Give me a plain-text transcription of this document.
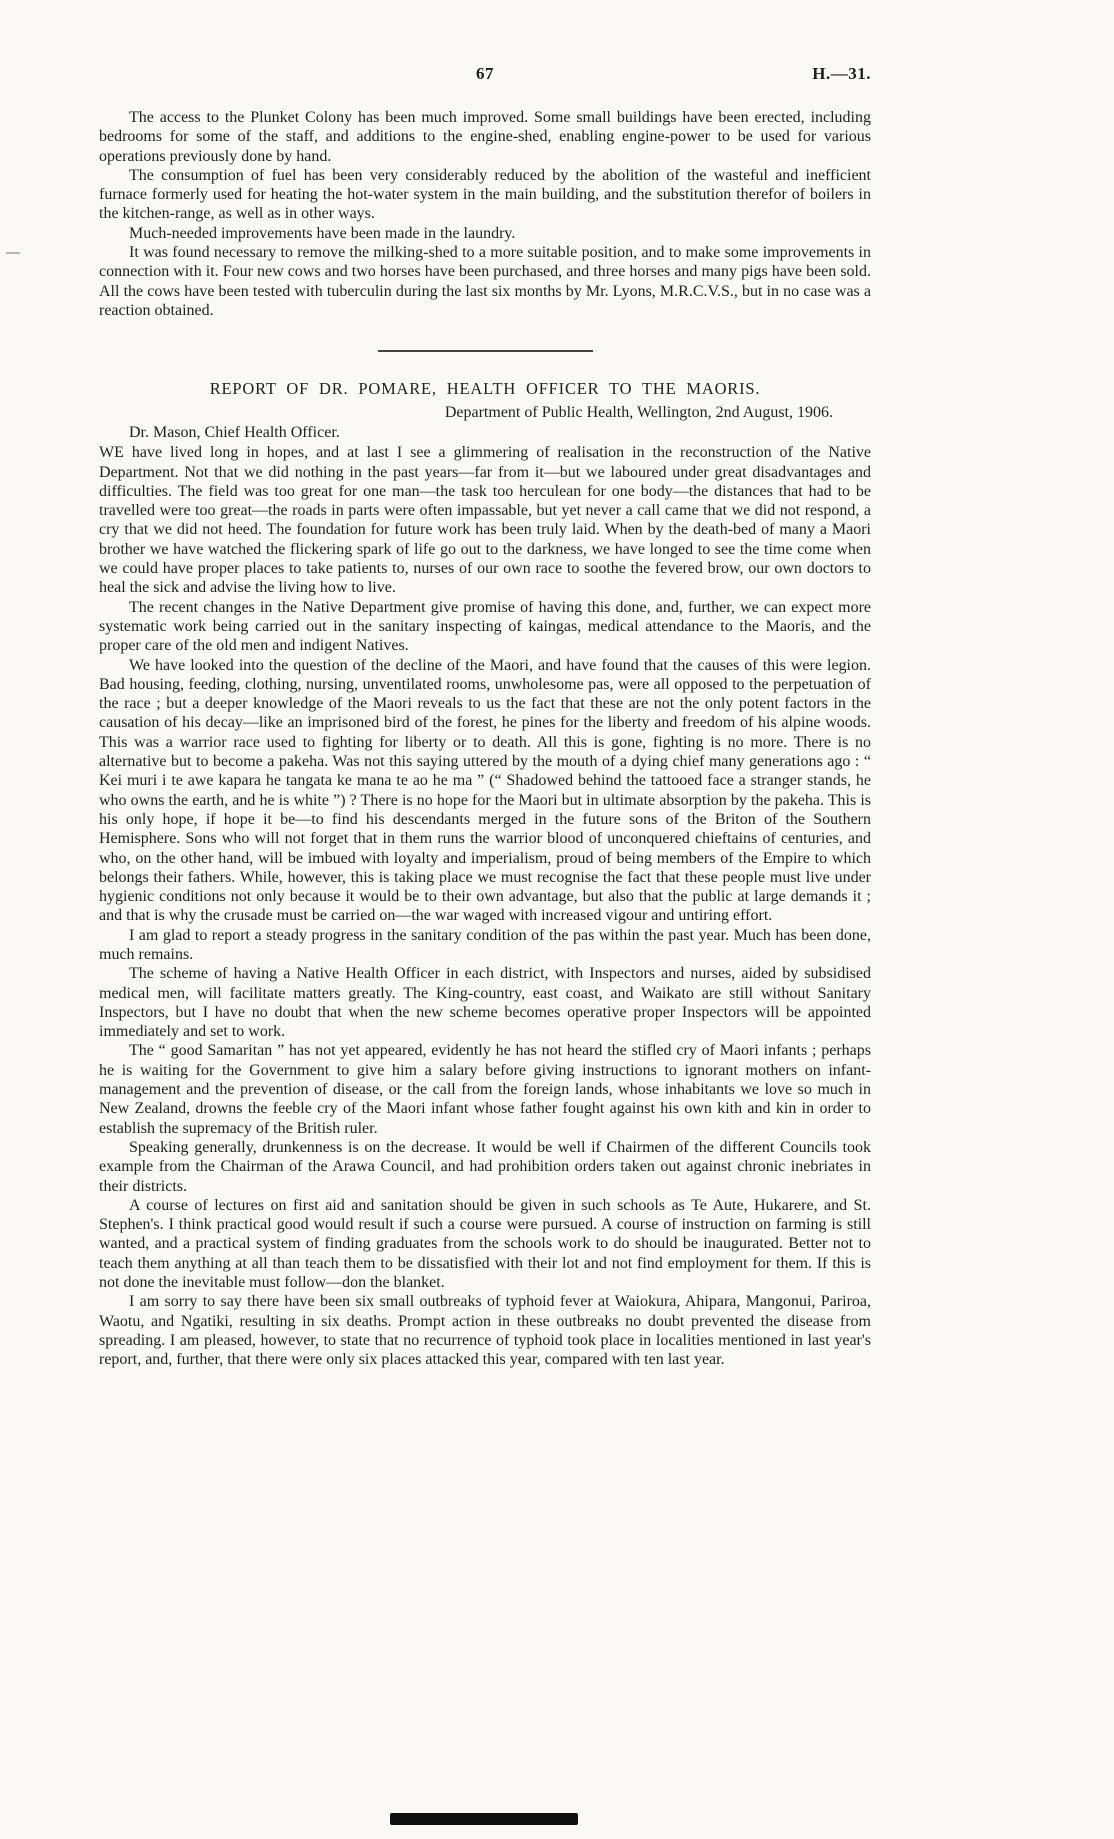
67	H.—31.

The access to the Plunket Colony has been much improved. Some small buildings have been erected, including bedrooms for some of the staff, and additions to the engine-shed, enabling engine-power to be used for various operations previously done by hand.

The consumption of fuel has been very considerably reduced by the abolition of the wasteful and inefficient furnace formerly used for heating the hot-water system in the main building, and the substitution therefor of boilers in the kitchen-range, as well as in other ways.

Much-needed improvements have been made in the laundry.

It was found necessary to remove the milking-shed to a more suitable position, and to make some improvements in connection with it. Four new cows and two horses have been purchased, and three horses and many pigs have been sold. All the cows have been tested with tuberculin during the last six months by Mr. Lyons, M.R.C.V.S., but in no case was a reaction obtained.

REPORT OF DR. POMARE, HEALTH OFFICER TO THE MAORIS.

Department of Public Health, Wellington, 2nd August, 1906.

Dr. Mason, Chief Health Officer.

WE have lived long in hopes, and at last I see a glimmering of realisation in the reconstruction of the Native Department. Not that we did nothing in the past years—far from it—but we laboured under great disadvantages and difficulties. The field was too great for one man—the task too herculean for one body—the distances that had to be travelled were too great—the roads in parts were often impassable, but yet never a call came that we did not respond, a cry that we did not heed. The foundation for future work has been truly laid. When by the death-bed of many a Maori brother we have watched the flickering spark of life go out to the darkness, we have longed to see the time come when we could have proper places to take patients to, nurses of our own race to soothe the fevered brow, our own doctors to heal the sick and advise the living how to live.

The recent changes in the Native Department give promise of having this done, and, further, we can expect more systematic work being carried out in the sanitary inspecting of kaingas, medical attendance to the Maoris, and the proper care of the old men and indigent Natives.

We have looked into the question of the decline of the Maori, and have found that the causes of this were legion. Bad housing, feeding, clothing, nursing, unventilated rooms, unwholesome pas, were all opposed to the perpetuation of the race ; but a deeper knowledge of the Maori reveals to us the fact that these are not the only potent factors in the causation of his decay—like an imprisoned bird of the forest, he pines for the liberty and freedom of his alpine woods. This was a warrior race used to fighting for liberty or to death. All this is gone, fighting is no more. There is no alternative but to become a pakeha. Was not this saying uttered by the mouth of a dying chief many generations ago : “ Kei muri i te awe kapara he tangata ke mana te ao he ma ” (“ Shadowed behind the tattooed face a stranger stands, he who owns the earth, and he is white ”) ? There is no hope for the Maori but in ultimate absorption by the pakeha. This is his only hope, if hope it be—to find his descendants merged in the future sons of the Briton of the Southern Hemisphere. Sons who will not forget that in them runs the warrior blood of unconquered chieftains of centuries, and who, on the other hand, will be imbued with loyalty and imperialism, proud of being members of the Empire to which belongs their fathers. While, however, this is taking place we must recognise the fact that these people must live under hygienic conditions not only because it would be to their own advantage, but also that the public at large demands it ; and that is why the crusade must be carried on—the war waged with increased vigour and untiring effort.

I am glad to report a steady progress in the sanitary condition of the pas within the past year. Much has been done, much remains.

The scheme of having a Native Health Officer in each district, with Inspectors and nurses, aided by subsidised medical men, will facilitate matters greatly. The King-country, east coast, and Waikato are still without Sanitary Inspectors, but I have no doubt that when the new scheme becomes operative proper Inspectors will be appointed immediately and set to work.

The “ good Samaritan ” has not yet appeared, evidently he has not heard the stifled cry of Maori infants ; perhaps he is waiting for the Government to give him a salary before giving instructions to ignorant mothers on infant-management and the prevention of disease, or the call from the foreign lands, whose inhabitants we love so much in New Zealand, drowns the feeble cry of the Maori infant whose father fought against his own kith and kin in order to establish the supremacy of the British ruler.

Speaking generally, drunkenness is on the decrease. It would be well if Chairmen of the different Councils took example from the Chairman of the Arawa Council, and had prohibition orders taken out against chronic inebriates in their districts.

A course of lectures on first aid and sanitation should be given in such schools as Te Aute, Hukarere, and St. Stephen's. I think practical good would result if such a course were pursued. A course of instruction on farming is still wanted, and a practical system of finding graduates from the schools work to do should be inaugurated. Better not to teach them anything at all than teach them to be dissatisfied with their lot and not find employment for them. If this is not done the inevitable must follow—don the blanket.

I am sorry to say there have been six small outbreaks of typhoid fever at Waiokura, Ahipara, Mangonui, Pariroa, Waotu, and Ngatiki, resulting in six deaths. Prompt action in these outbreaks no doubt prevented the disease from spreading. I am pleased, however, to state that no recurrence of typhoid took place in localities mentioned in last year's report, and, further, that there were only six places attacked this year, compared with ten last year.
